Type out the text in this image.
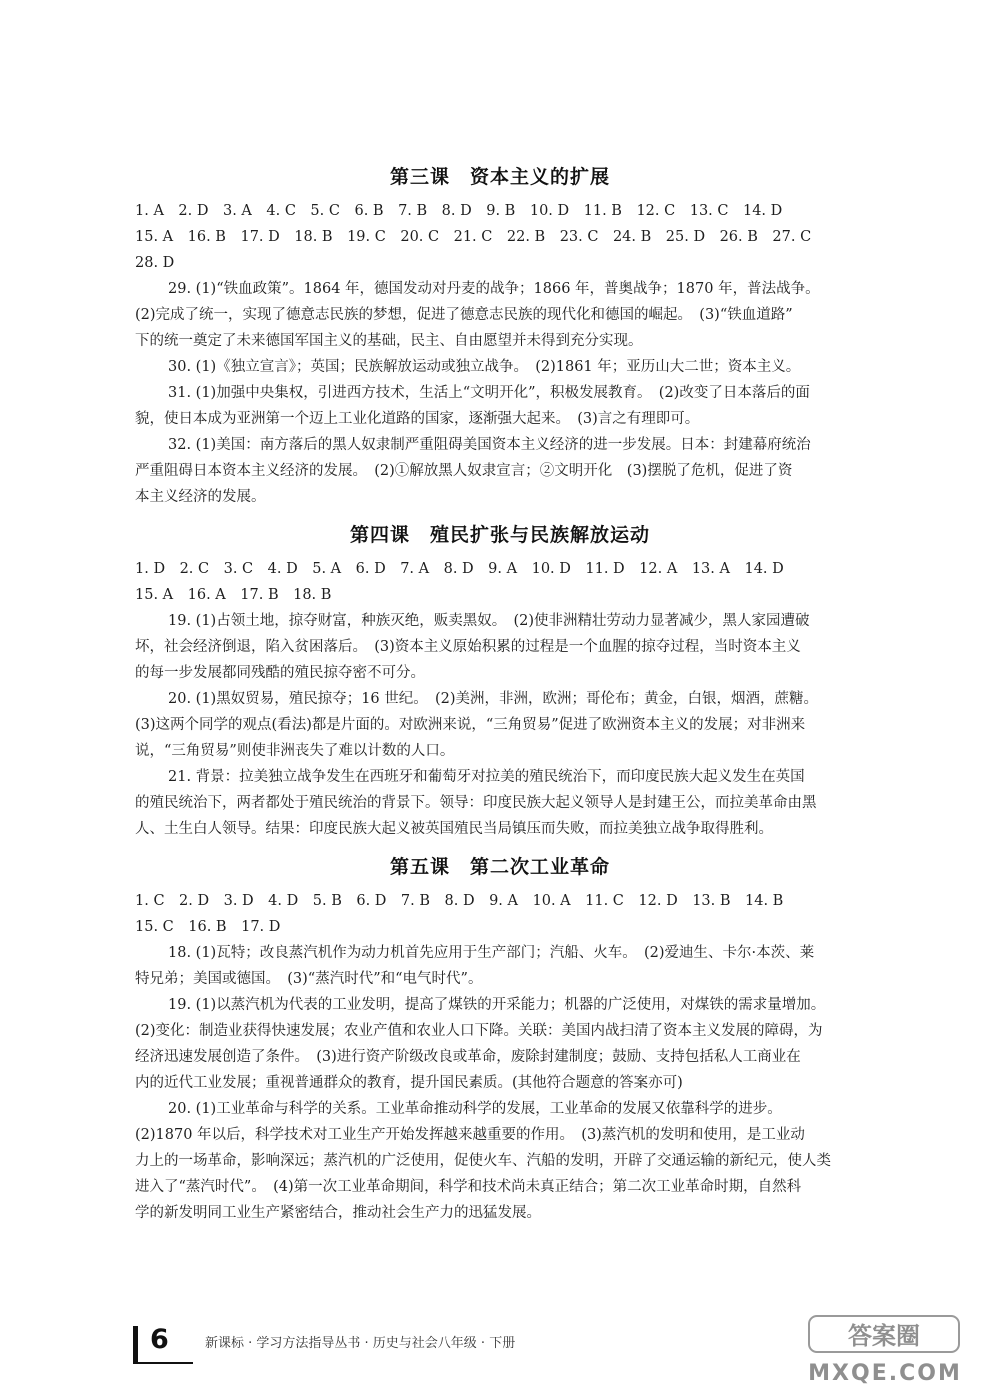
第三课　资本主义的扩展
1. A　2. D　3. A　4. C　5. C　6. B　7. B　8. D　9. B　10. D　11. B　12. C　13. C　14. D
15. A　16. B　17. D　18. B　19. C　20. C　21. C　22. B　23. C　24. B　25. D　26. B　27. C
28. D
29. (1)“铁血政策”。1864 年，德国发动对丹麦的战争；1866 年，普奥战争；1870 年，普法战争。
(2)完成了统一，实现了德意志民族的梦想，促进了德意志民族的现代化和德国的崛起。　(3)“铁血道路”
下的统一奠定了未来德国军国主义的基础，民主、自由愿望并未得到充分实现。
30. (1)《独立宣言》；英国；民族解放运动或独立战争。　(2)1861 年；亚历山大二世；资本主义。
31. (1)加强中央集权，引进西方技术，生活上“文明开化”，积极发展教育。　(2)改变了日本落后的面
貌，使日本成为亚洲第一个迈上工业化道路的国家，逐渐强大起来。　(3)言之有理即可。
32. (1)美国：南方落后的黑人奴隶制严重阻碍美国资本主义经济的进一步发展。日本：封建幕府统治
严重阻碍日本资本主义经济的发展。　(2)①解放黑人奴隶宣言；②文明开化　(3)摆脱了危机，促进了资
本主义经济的发展。
第四课　殖民扩张与民族解放运动
1. D　2. C　3. C　4. D　5. A　6. D　7. A　8. D　9. A　10. D　11. D　12. A　13. A　14. D
15. A　16. A　17. B　18. B
19. (1)占领土地，掠夺财富，种族灭绝，贩卖黑奴。　(2)使非洲精壮劳动力显著减少，黑人家园遭破
坏，社会经济倒退，陷入贫困落后。　(3)资本主义原始积累的过程是一个血腥的掠夺过程，当时资本主义
的每一步发展都同残酷的殖民掠夺密不可分。
20. (1)黑奴贸易，殖民掠夺；16 世纪。　(2)美洲，非洲，欧洲；哥伦布；黄金，白银，烟酒，蔗糖。
(3)这两个同学的观点(看法)都是片面的。对欧洲来说，“三角贸易”促进了欧洲资本主义的发展；对非洲来
说，“三角贸易”则使非洲丧失了难以计数的人口。
21. 背景：拉美独立战争发生在西班牙和葡萄牙对拉美的殖民统治下，而印度民族大起义发生在英国
的殖民统治下，两者都处于殖民统治的背景下。领导：印度民族大起义领导人是封建王公，而拉美革命由黑
人、土生白人领导。结果：印度民族大起义被英国殖民当局镇压而失败，而拉美独立战争取得胜利。
第五课　第二次工业革命
1. C　2. D　3. D　4. D　5. B　6. D　7. B　8. D　9. A　10. A　11. C　12. D　13. B　14. B
15. C　16. B　17. D
18. (1)瓦特；改良蒸汽机作为动力机首先应用于生产部门；汽船、火车。　(2)爱迪生、卡尔·本茨、莱
特兄弟；美国或德国。　(3)“蒸汽时代”和“电气时代”。
19. (1)以蒸汽机为代表的工业发明，提高了煤铁的开采能力；机器的广泛使用，对煤铁的需求量增加。
(2)变化：制造业获得快速发展；农业产值和农业人口下降。关联：美国内战扫清了资本主义发展的障碍，为
经济迅速发展创造了条件。　(3)进行资产阶级改良或革命，废除封建制度；鼓励、支持包括私人工商业在
内的近代工业发展；重视普通群众的教育，提升国民素质。(其他符合题意的答案亦可)
20. (1)工业革命与科学的关系。工业革命推动科学的发展，工业革命的发展又依靠科学的进步。
(2)1870 年以后，科学技术对工业生产开始发挥越来越重要的作用。　(3)蒸汽机的发明和使用，是工业动
力上的一场革命，影响深远；蒸汽机的广泛使用，促使火车、汽船的发明，开辟了交通运输的新纪元，使人类
进入了“蒸汽时代”。　(4)第一次工业革命期间，科学和技术尚未真正结合；第二次工业革命时期，自然科
学的新发明同工业生产紧密结合，推动社会生产力的迅猛发展。
6	新课标 · 学习方法指导丛书 · 历史与社会八年级 · 下册	答案圈
MXQE.COM
